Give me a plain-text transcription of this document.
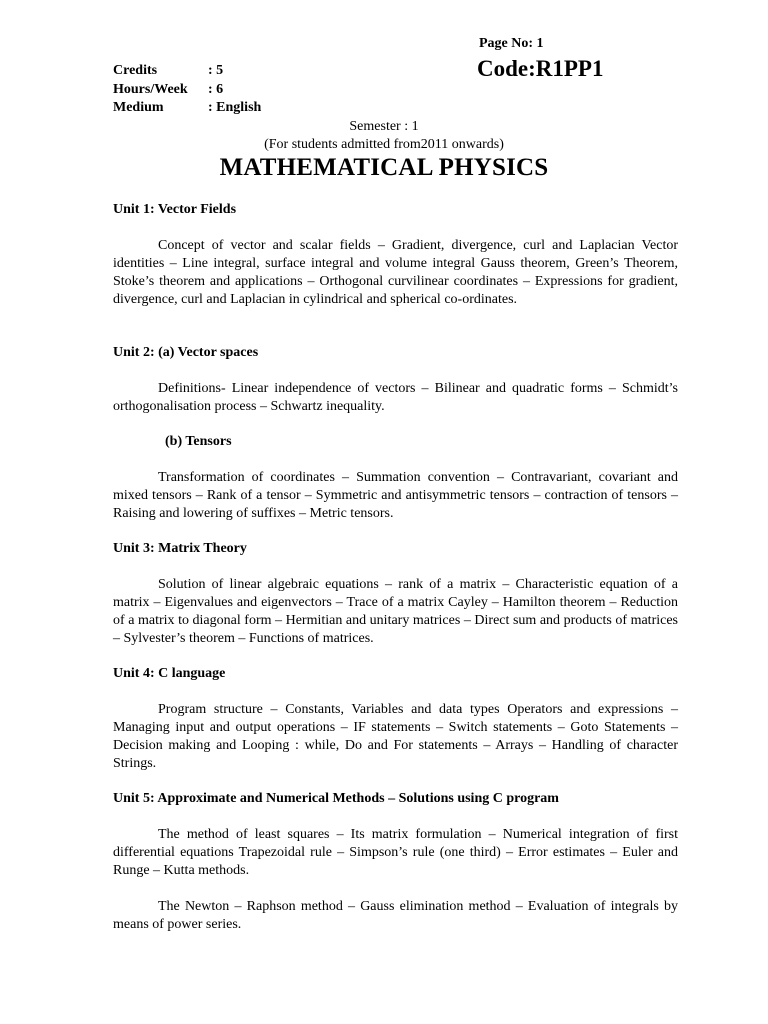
Page No: 1
Credits	: 5
Hours/Week : 6
Medium	: English
Code:R1PP1
Semester : 1
(For students admitted from2011 onwards)
MATHEMATICAL PHYSICS
Unit 1: Vector Fields

Concept of vector and scalar fields – Gradient, divergence, curl and Laplacian Vector identities – Line integral, surface integral and volume integral Gauss theorem, Green’s Theorem, Stoke’s theorem and applications – Orthogonal curvilinear coordinates – Expressions for gradient, divergence, curl and Laplacian in cylindrical and spherical co-ordinates.

Unit 2: (a) Vector spaces

Definitions- Linear independence of vectors – Bilinear and quadratic forms – Schmidt’s orthogonalisation process – Schwartz inequality.

(b) Tensors

Transformation of coordinates – Summation convention – Contravariant, covariant and mixed tensors – Rank of a tensor – Symmetric and antisymmetric tensors – contraction of tensors – Raising and lowering of suffixes – Metric tensors.

Unit 3: Matrix Theory

Solution of linear algebraic equations – rank of a matrix – Characteristic equation of a matrix – Eigenvalues and eigenvectors – Trace of a matrix Cayley – Hamilton theorem – Reduction of a matrix to diagonal form – Hermitian and unitary matrices – Direct sum and products of matrices – Sylvester’s theorem – Functions of matrices.

Unit 4: C language

Program structure – Constants, Variables and data types Operators and expressions – Managing input and output operations – IF statements – Switch statements – Goto Statements – Decision making and Looping : while, Do and For statements – Arrays – Handling of character Strings.

Unit 5: Approximate and Numerical Methods – Solutions using C program

The method of least squares – Its matrix formulation – Numerical integration of first differential equations Trapezoidal rule – Simpson’s rule (one third) – Error estimates – Euler and Runge – Kutta methods.

The Newton – Raphson method – Gauss elimination method – Evaluation of integrals by means of power series.
